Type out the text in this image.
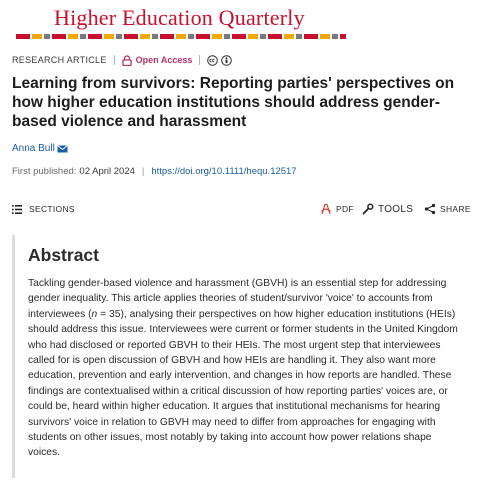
Higher Education Quarterly
RESEARCH ARTICLE	Open Access
Learning from survivors: Reporting parties' perspectives on how higher education institutions should address gender-based violence and harassment
Anna Bull
First published: 02 April 2024 | https://doi.org/10.1111/hequ.12517
SECTIONS	PDF TOOLS	SHARE
Abstract

Tackling gender-based violence and harassment (GBVH) is an essential step for addressing gender inequality. This article applies theories of student/survivor 'voice' to accounts from interviewees (n = 35), analysing their perspectives on how higher education institutions (HEIs) should address this issue. Interviewees were current or former students in the United Kingdom who had disclosed or reported GBVH to their HEIs. The most urgent step that interviewees called for is open discussion of GBVH and how HEIs are handling it. They also want more education, prevention and early intervention, and changes in how reports are handled. These findings are contextualised within a critical discussion of how reporting parties' voices are, or could be, heard within higher education. It argues that institutional mechanisms for hearing survivors' voice in relation to GBVH may need to differ from approaches for engaging with students on other issues, most notably by taking into account how power relations shape voices.
